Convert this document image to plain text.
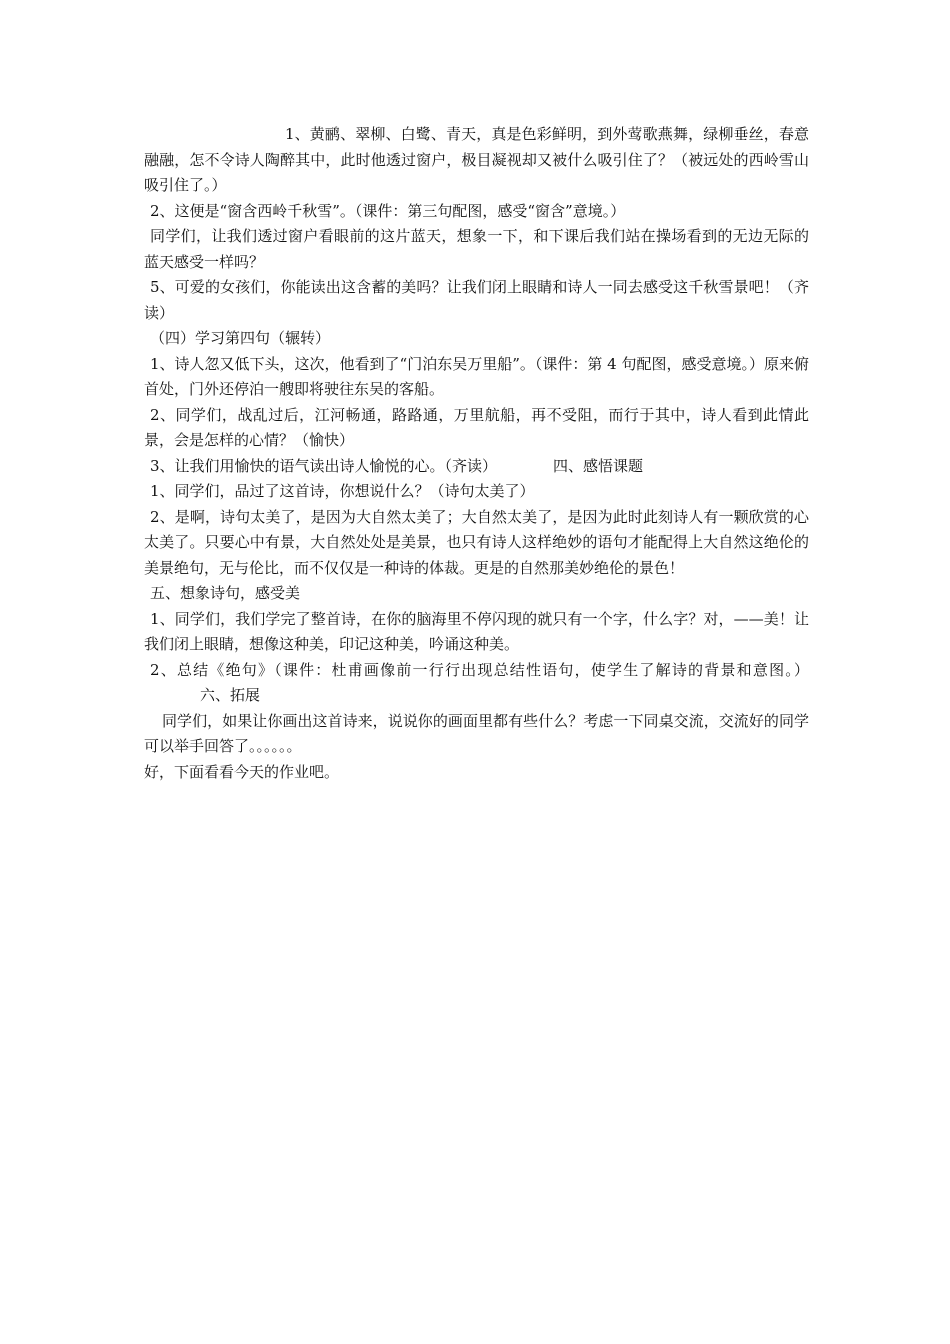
1、黄鹂、翠柳、白鹭、青天，真是色彩鲜明，到外莺歌燕舞，绿柳垂丝，春意融融，怎不令诗人陶醉其中，此时他透过窗户，极目凝视却又被什么吸引住了？（被远处的西岭雪山吸引住了。）

2、这便是“窗含西岭千秋雪”。（课件：第三句配图，感受“窗含”意境。）

同学们，让我们透过窗户看眼前的这片蓝天，想象一下，和下课后我们站在操场看到的无边无际的蓝天感受一样吗？

5、可爱的女孩们，你能读出这含蓄的美吗？让我们闭上眼睛和诗人一同去感受这千秋雪景吧！（齐读）

（四）学习第四句（辗转）

1、诗人忽又低下头，这次，他看到了“门泊东吴万里船”。（课件：第 4 句配图，感受意境。）原来俯首处，门外还停泊一艘即将驶往东吴的客船。

2、同学们，战乱过后，江河畅通，路路通，万里航船，再不受阻，而行于其中，诗人看到此情此景，会是怎样的心情？（愉快）

3、让我们用愉快的语气读出诗人愉悦的心。（齐读）	四、感悟课题

1、同学们，品过了这首诗，你想说什么？（诗句太美了）

2、是啊，诗句太美了，是因为大自然太美了；大自然太美了，是因为此时此刻诗人有一颗欣赏的心太美了。只要心中有景，大自然处处是美景，也只有诗人这样绝妙的语句才能配得上大自然这绝伦的美景绝句，无与伦比，而不仅仅是一种诗的体裁。更是的自然那美妙绝伦的景色！

五、想象诗句，感受美

1、同学们，我们学完了整首诗，在你的脑海里不停闪现的就只有一个字，什么字？对，——美！让我们闭上眼睛，想像这种美，印记这种美，吟诵这种美。

2、总结《绝句》（课件：杜甫画像前一行行出现总结性语句，使学生了解诗的背景和意图。）六、拓展

同学们，如果让你画出这首诗来，说说你的画面里都有些什么？考虑一下同桌交流，交流好的同学可以举手回答了。。。。。。

好，下面看看今天的作业吧。
